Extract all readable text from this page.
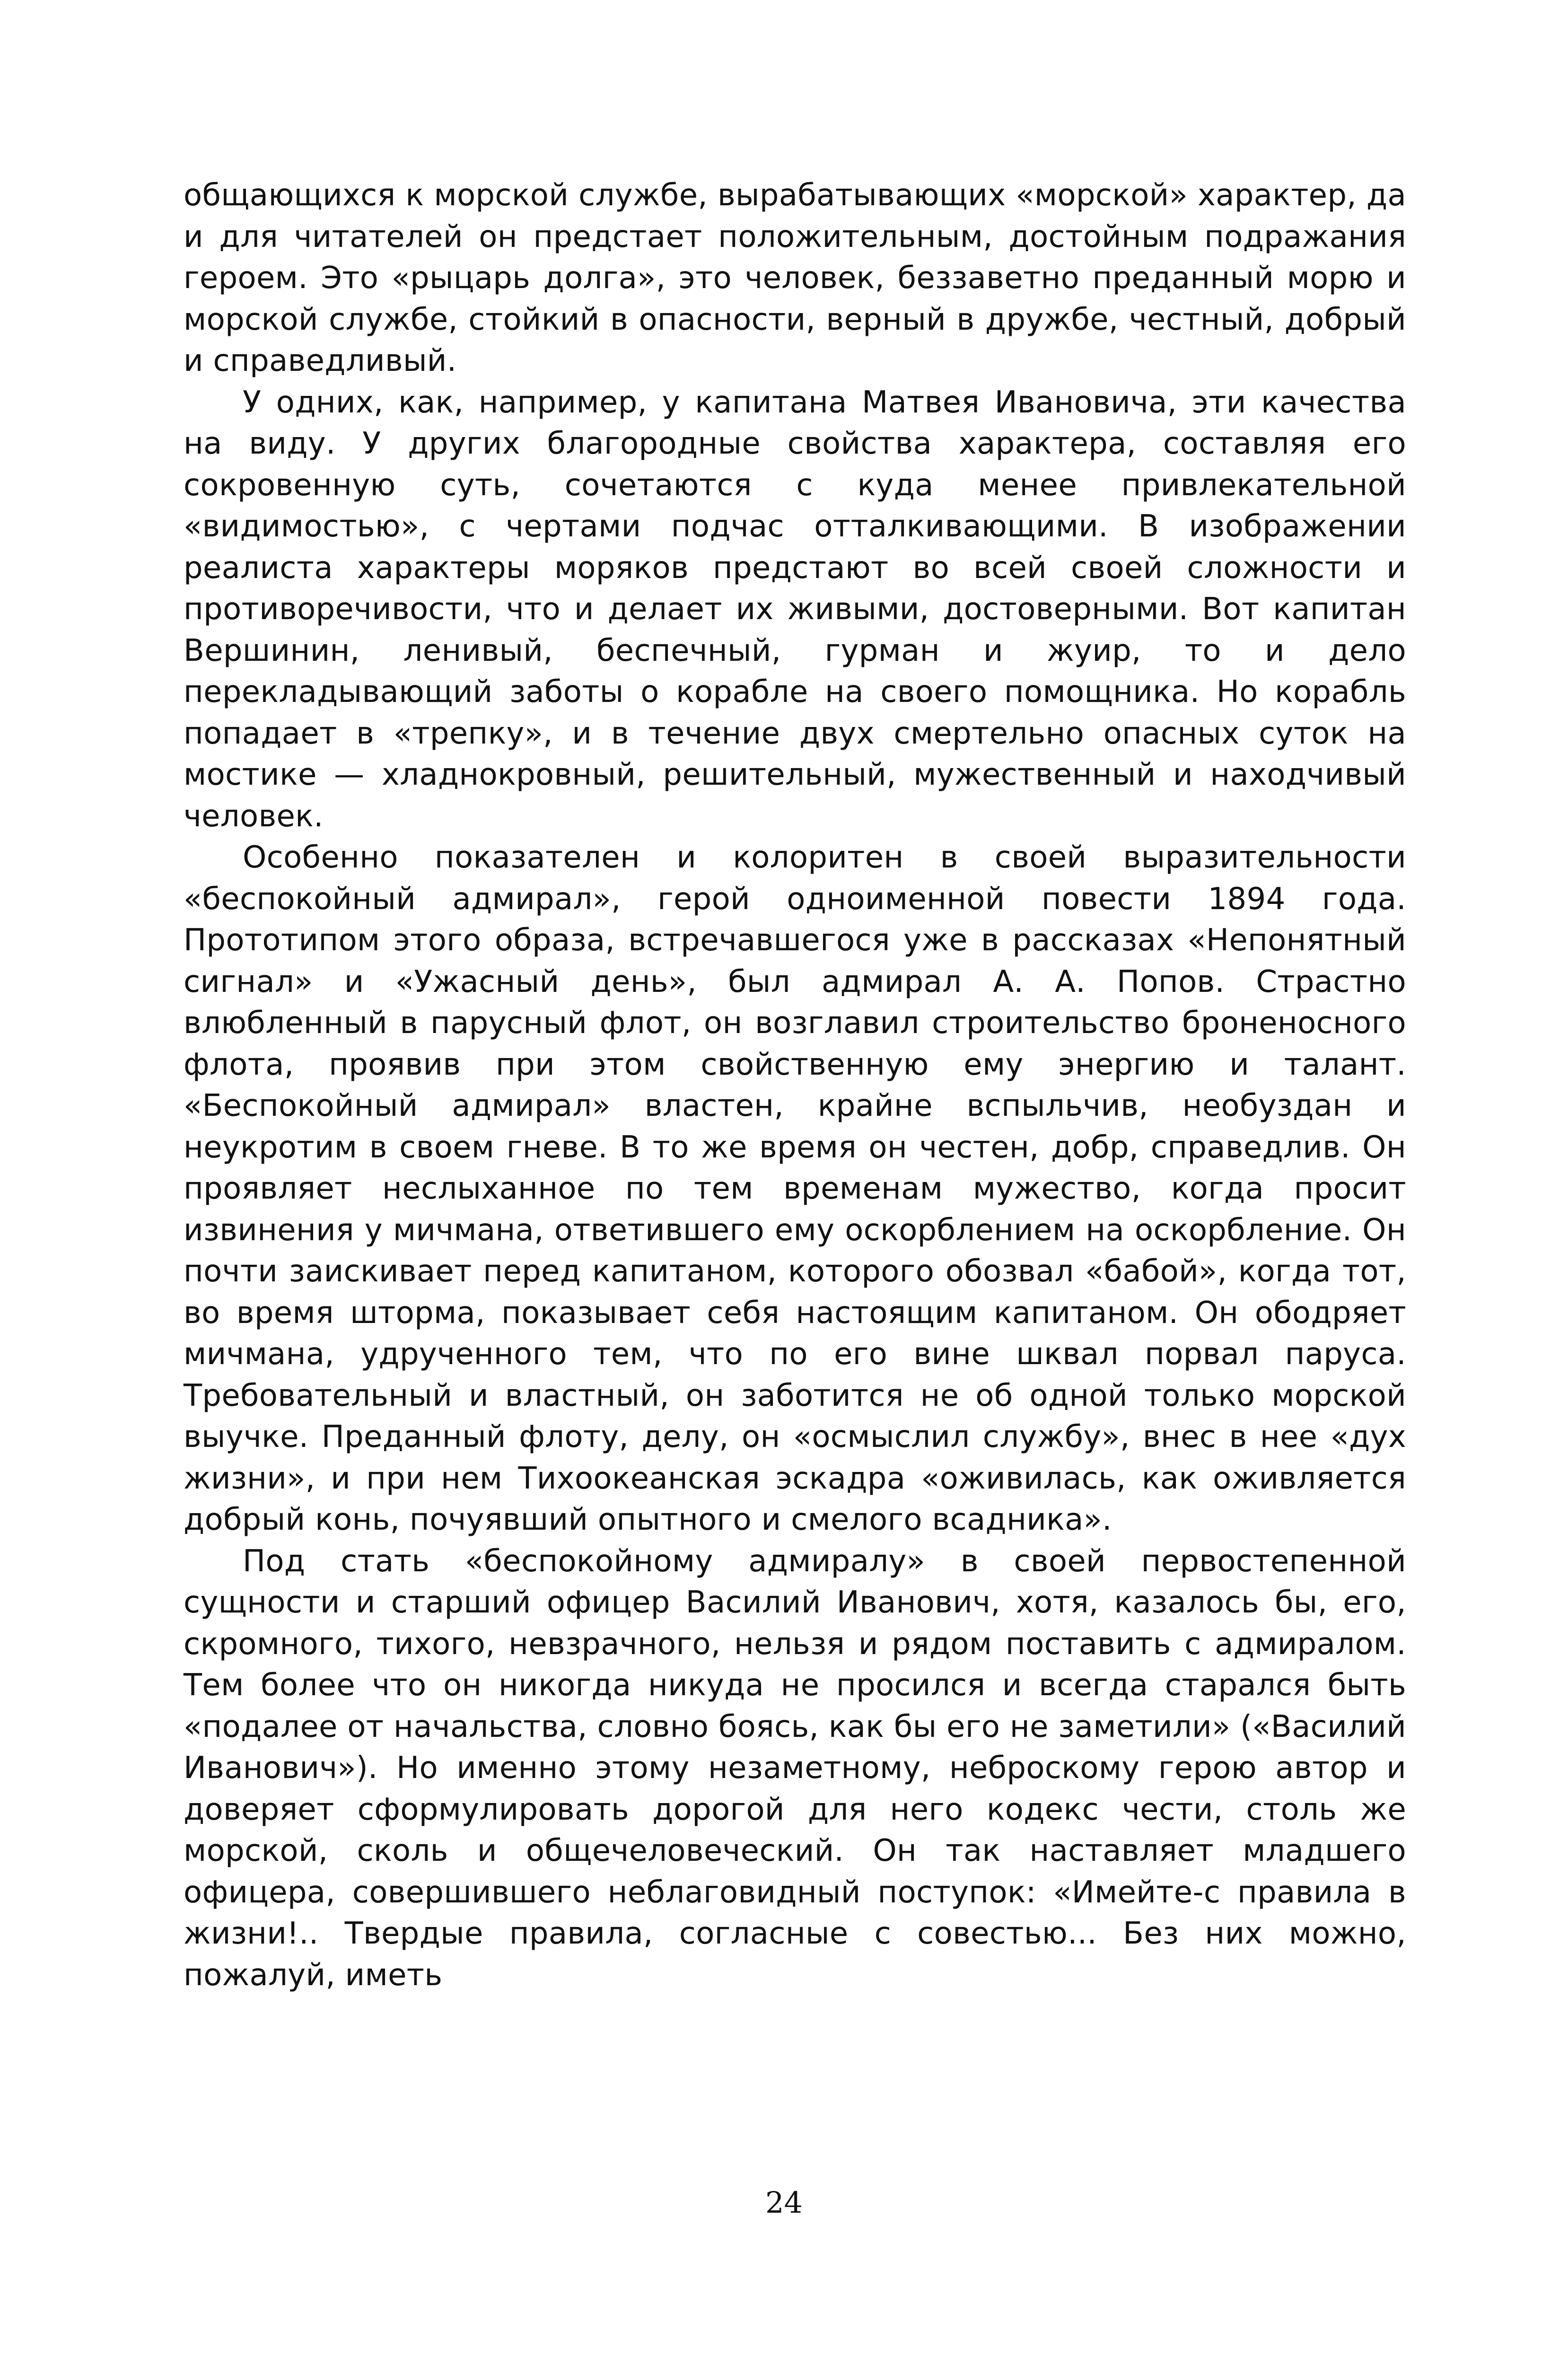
общающихся к морской службе, вырабатывающих «морской» характер, да и для читателей он предстает положительным, достойным подражания героем. Это «рыцарь долга», это человек, беззаветно преданный морю и морской службе, стойкий в опасности, верный в дружбе, честный, добрый и справедливый.

У одних, как, например, у капитана Матвея Ивановича, эти качества на виду. У других благородные свойства характера, составляя его сокровенную суть, сочетаются с куда менее привлекательной «видимостью», с чертами подчас отталкивающими. В изображении реалиста характеры моряков предстают во всей своей сложности и противоречивости, что и делает их живыми, достоверными. Вот капитан Вершинин, ленивый, беспечный, гурман и жуир, то и дело перекладывающий заботы о корабле на своего помощника. Но корабль попадает в «трепку», и в течение двух смертельно опасных суток на мостике — хладнокровный, решительный, мужественный и находчивый человек.

Особенно показателен и колоритен в своей выразительности «беспокойный адмирал», герой одноименной повести 1894 года. Прототипом этого образа, встречавшегося уже в рассказах «Непонятный сигнал» и «Ужасный день», был адмирал А. А. Попов. Страстно влюбленный в парусный флот, он возглавил строительство броненосного флота, проявив при этом свойственную ему энергию и талант. «Беспокойный адмирал» властен, крайне вспыльчив, необуздан и неукротим в своем гневе. В то же время он честен, добр, справедлив. Он проявляет неслыханное по тем временам мужество, когда просит извинения у мичмана, ответившего ему оскорблением на оскорбление. Он почти заискивает перед капитаном, которого обозвал «бабой», когда тот, во время шторма, показывает себя настоящим капитаном. Он ободряет мичмана, удрученного тем, что по его вине шквал порвал паруса. Требовательный и властный, он заботится не об одной только морской выучке. Преданный флоту, делу, он «осмыслил службу», внес в нее «дух жизни», и при нем Тихоокеанская эскадра «оживилась, как оживляется добрый конь, почуявший опытного и смелого всадника».

Под стать «беспокойному адмиралу» в своей первостепенной сущности и старший офицер Василий Иванович, хотя, казалось бы, его, скромного, тихого, невзрачного, нельзя и рядом поставить с адмиралом. Тем более что он никогда никуда не просился и всегда старался быть «подалее от начальства, словно боясь, как бы его не заметили» («Василий Иванович»). Но именно этому незаметному, неброскому герою автор и доверяет сформулировать дорогой для него кодекс чести, столь же морской, сколь и общечеловеческий. Он так наставляет младшего офицера, совершившего неблаговидный поступок: «Имейте-с правила в жизни!.. Твердые правила, согласные с совестью... Без них можно, пожалуй, иметь

24
